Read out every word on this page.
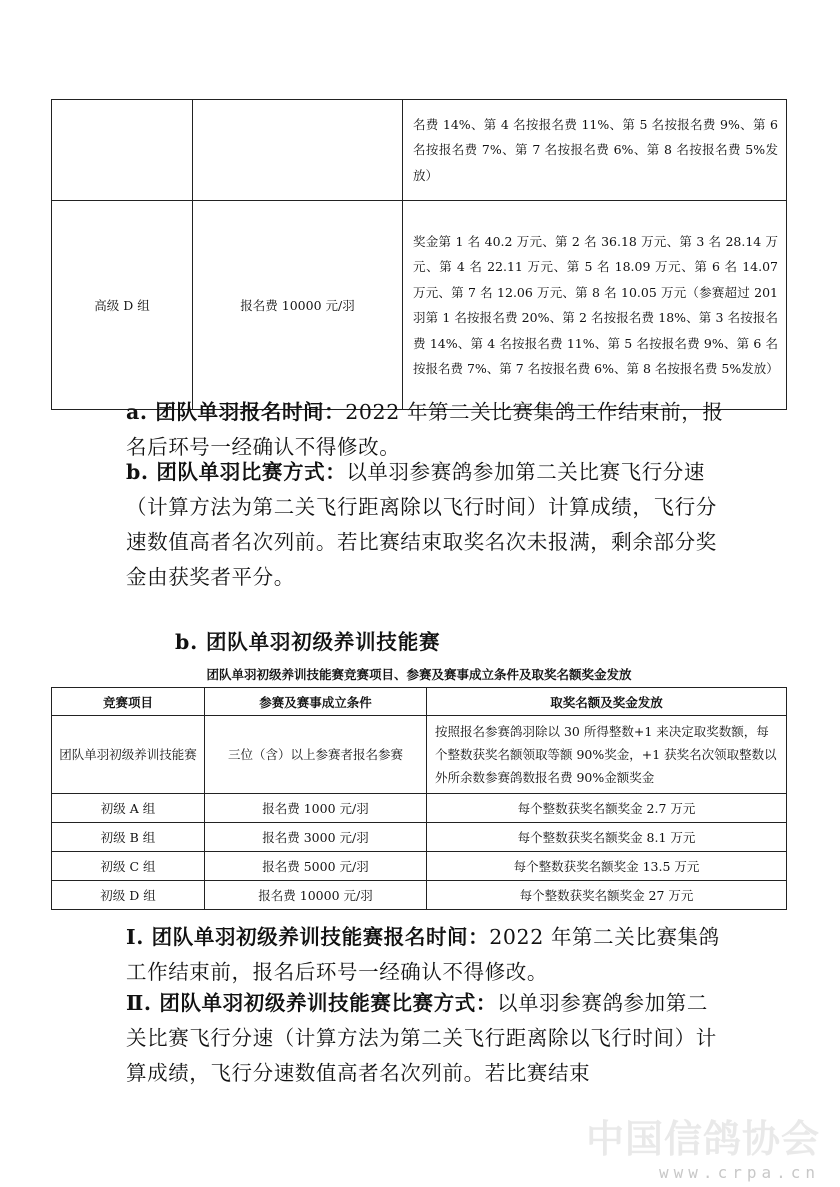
		名费 14%、第 4 名按报名费 11%、第 5 名按报名费 9%、第 6 名按报名费 7%、第 7 名按报名费 6%、第 8 名按报名费 5%发放）
高级 D 组	报名费 10000 元/羽	奖金第 1 名 40.2 万元、第 2 名 36.18 万元、第 3 名 28.14 万元、第 4 名 22.11 万元、第 5 名 18.09 万元、第 6 名 14.07 万元、第 7 名 12.06 万元、第 8 名 10.05 万元（参赛超过 201 羽第 1 名按报名费 20%、第 2 名按报名费 18%、第 3 名按报名费 14%、第 4 名按报名费 11%、第 5 名按报名费 9%、第 6 名按报名费 7%、第 7 名按报名费 6%、第 8 名按报名费 5%发放）
a. 团队单羽报名时间：2022 年第二关比赛集鸽工作结束前，报名后环号一经确认不得修改。
b. 团队单羽比赛方式：以单羽参赛鸽参加第二关比赛飞行分速（计算方法为第二关飞行距离除以飞行时间）计算成绩，飞行分速数值高者名次列前。若比赛结束取奖名次未报满，剩余部分奖金由获奖者平分。
b. 团队单羽初级养训技能赛
团队单羽初级养训技能赛竞赛项目、参赛及赛事成立条件及取奖名额奖金发放
竞赛项目	参赛及赛事成立条件	取奖名额及奖金发放
团队单羽初级养训技能赛	三位（含）以上参赛者报名参赛	按照报名参赛鸽羽除以 30 所得整数+1 来决定取奖数额，每个整数获奖名额领取等额 90%奖金，+1 获奖名次领取整数以外所余数参赛鸽数报名费 90%金额奖金
初级 A 组	报名费 1000 元/羽	每个整数获奖名额奖金 2.7 万元
初级 B 组	报名费 3000 元/羽	每个整数获奖名额奖金 8.1 万元
初级 C 组	报名费 5000 元/羽	每个整数获奖名额奖金 13.5 万元
初级 D 组	报名费 10000 元/羽	每个整数获奖名额奖金 27 万元
Ⅰ. 团队单羽初级养训技能赛报名时间：2022 年第二关比赛集鸽工作结束前，报名后环号一经确认不得修改。
Ⅱ. 团队单羽初级养训技能赛比赛方式：以单羽参赛鸽参加第二关比赛飞行分速（计算方法为第二关飞行距离除以飞行时间）计算成绩，飞行分速数值高者名次列前。若比赛结束
中国信鸽协会
www.crpa.cn
